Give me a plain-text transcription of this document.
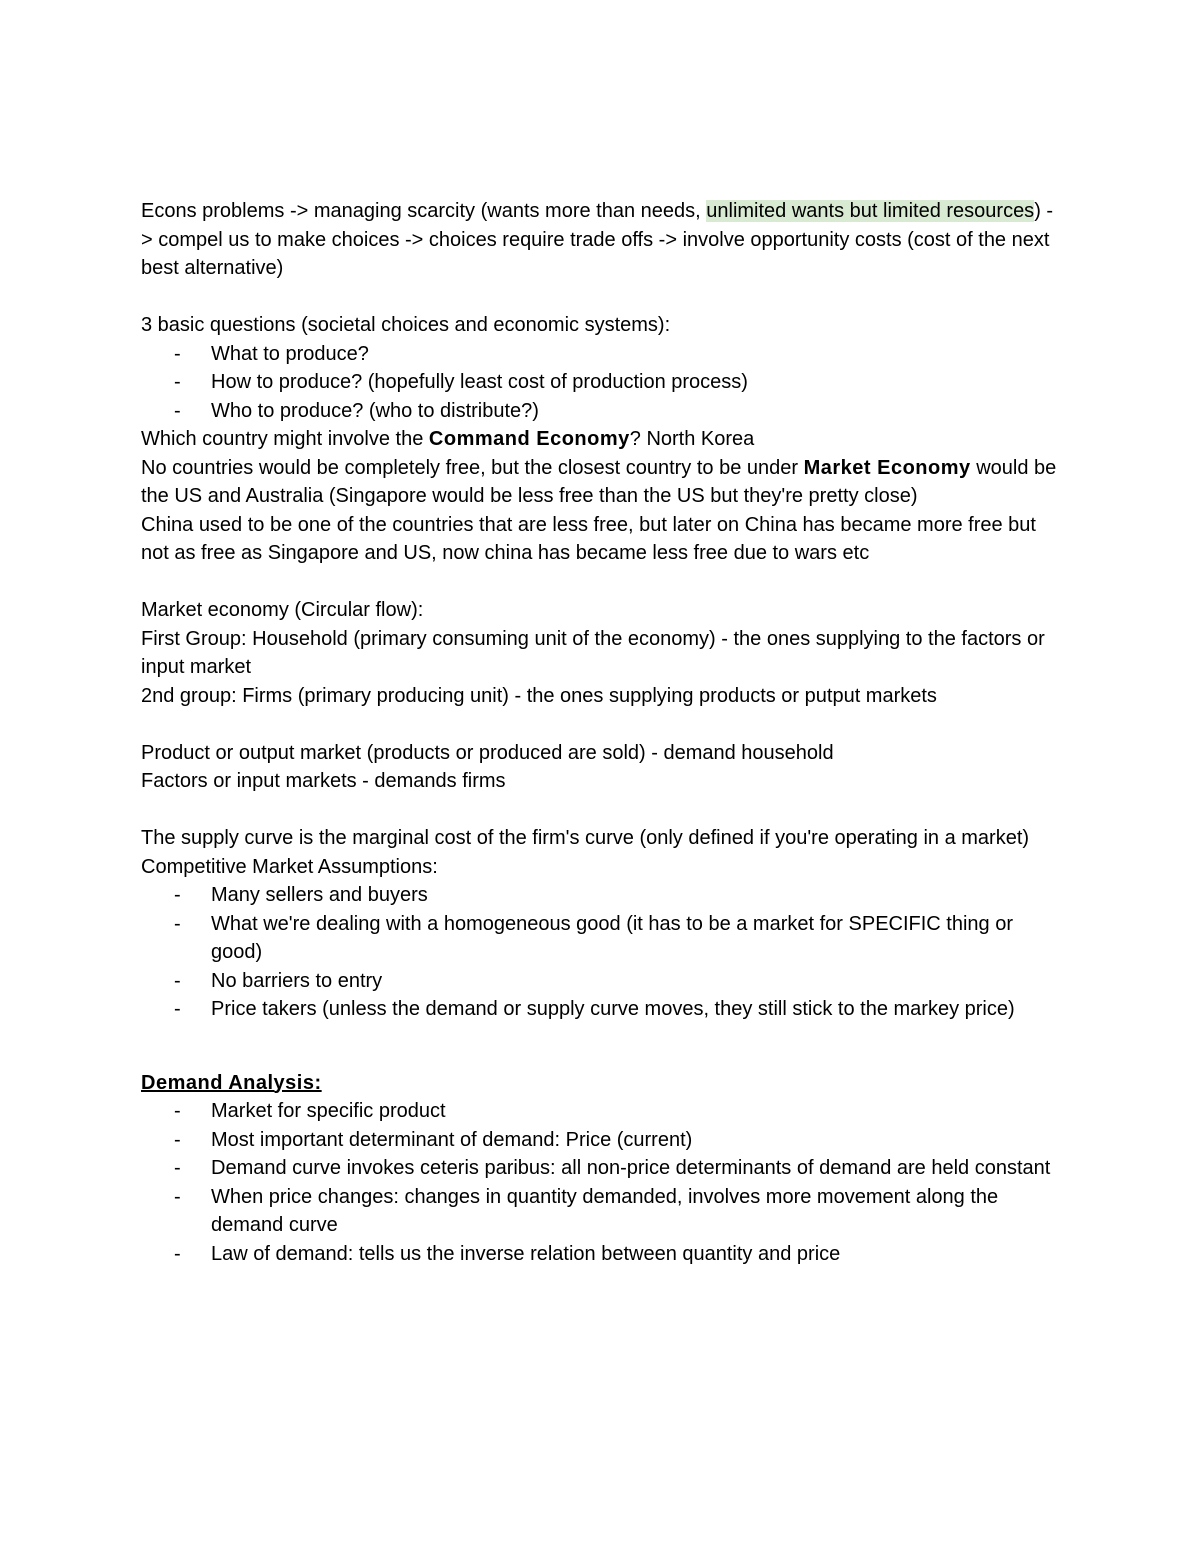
Econs problems -> managing scarcity (wants more than needs, unlimited wants but limited resources) -> compel us to make choices -> choices require trade offs -> involve opportunity costs (cost of the next best alternative)

3 basic questions (societal choices and economic systems):

- What to produce?
- How to produce? (hopefully least cost of production process)
- Who to produce? (who to distribute?)

Which country might involve the Command Economy? North Korea

No countries would be completely free, but the closest country to be under Market Economy would be the US and Australia (Singapore would be less free than the US but they're pretty close)

China used to be one of the countries that are less free, but later on China has became more free but not as free as Singapore and US, now china has became less free due to wars etc

Market economy (Circular flow):

First Group: Household (primary consuming unit of the economy) - the ones supplying to the factors or input market

2nd group: Firms (primary producing unit) - the ones supplying products or putput markets

Product or output market (products or produced are sold) - demand household

Factors or input markets - demands firms

The supply curve is the marginal cost of the firm's curve (only defined if you're operating in a market)

Competitive Market Assumptions:

- Many sellers and buyers
- What we're dealing with a homogeneous good (it has to be a market for SPECIFIC thing or good)
- No barriers to entry
- Price takers (unless the demand or supply curve moves, they still stick to the markey price)

Demand Analysis:

- Market for specific product
- Most important determinant of demand: Price (current)
- Demand curve invokes ceteris paribus: all non-price determinants of demand are held constant
- When price changes: changes in quantity demanded, involves more movement along the demand curve
- Law of demand: tells us the inverse relation between quantity and price
